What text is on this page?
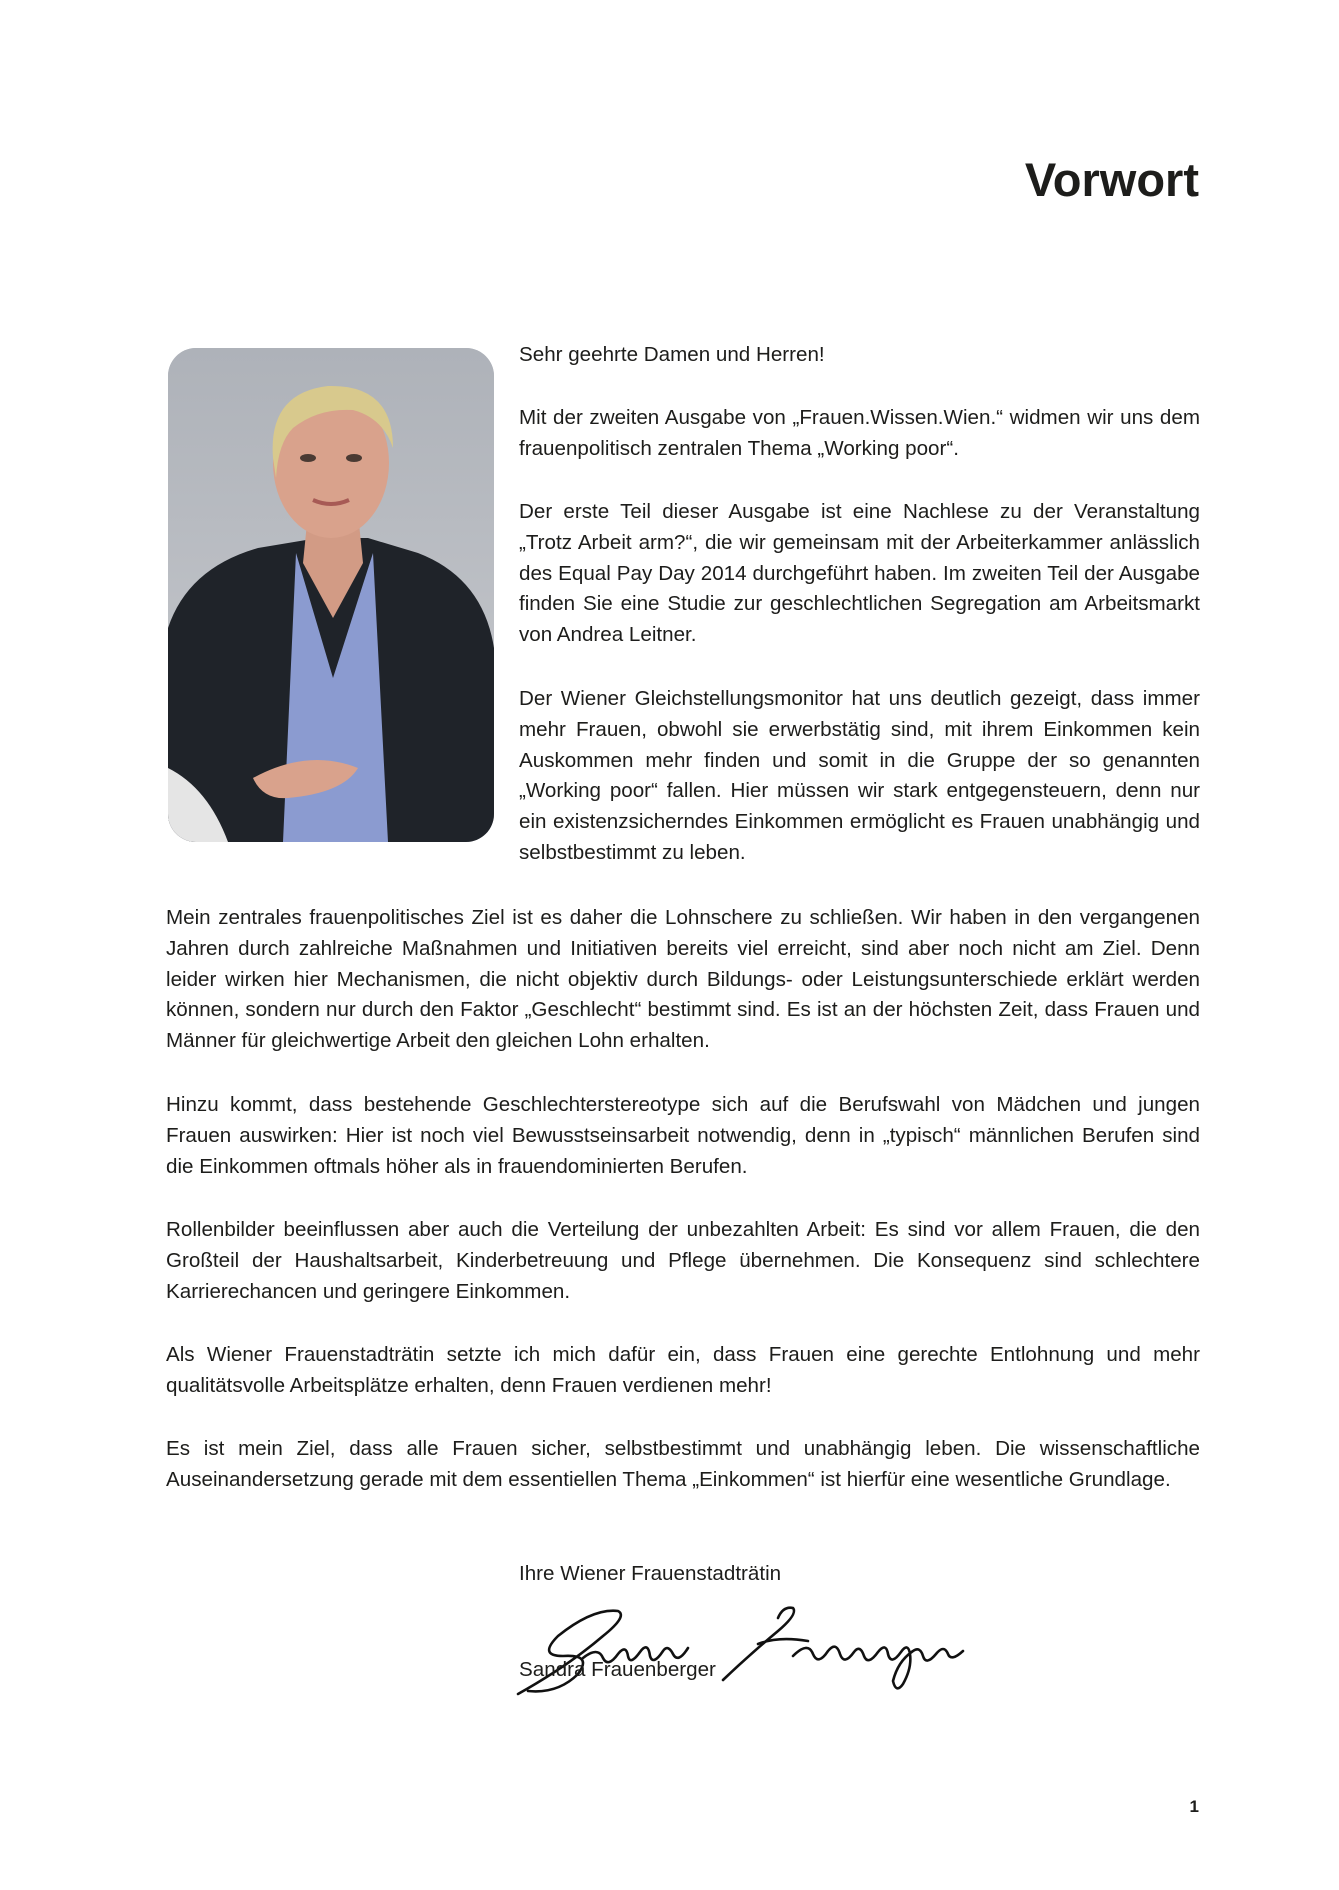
Vorwort

Sehr geehrte Damen und Herren!

Mit der zweiten Ausgabe von „Frauen.Wissen.Wien.“ widmen wir uns dem frauenpolitisch zentralen Thema „Working poor“.

Der erste Teil dieser Ausgabe ist eine Nachlese zu der Veranstaltung „Trotz Arbeit arm?“, die wir gemeinsam mit der Arbeiterkammer anlässlich des Equal Pay Day 2014 durchgeführt haben. Im zweiten Teil der Ausgabe finden Sie eine Studie zur geschlechtlichen Segregation am Arbeitsmarkt von Andrea Leitner.

Der Wiener Gleichstellungsmonitor hat uns deutlich gezeigt, dass immer mehr Frauen, obwohl sie erwerbstätig sind, mit ihrem Einkommen kein Auskommen mehr finden und somit in die Gruppe der so genannten „Working poor“ fallen. Hier müssen wir stark entgegensteuern, denn nur ein existenzsicherndes Einkommen ermöglicht es Frauen unabhängig und selbstbestimmt zu leben.

Mein zentrales frauenpolitisches Ziel ist es daher die Lohnschere zu schließen. Wir haben in den vergangenen Jahren durch zahlreiche Maßnahmen und Initiativen bereits viel erreicht, sind aber noch nicht am Ziel. Denn leider wirken hier Mechanismen, die nicht objektiv durch Bildungs- oder Leistungsunterschiede erklärt werden können, sondern nur durch den Faktor „Geschlecht“ bestimmt sind. Es ist an der höchsten Zeit, dass Frauen und Männer für gleichwertige Arbeit den gleichen Lohn erhalten.

Hinzu kommt, dass bestehende Geschlechterstereotype sich auf die Berufswahl von Mädchen und jungen Frauen auswirken: Hier ist noch viel Bewusstseinsarbeit notwendig, denn in „typisch“ männlichen Berufen sind die Einkommen oftmals höher als in frauendominierten Berufen.

Rollenbilder beeinflussen aber auch die Verteilung der unbezahlten Arbeit: Es sind vor allem Frauen, die den Großteil der Haushaltsarbeit, Kinderbetreuung und Pflege übernehmen. Die Konsequenz sind schlechtere Karrierechancen und geringere Einkommen.

Als Wiener Frauenstadträtin setzte ich mich dafür ein, dass Frauen eine gerechte Entlohnung und mehr qualitätsvolle Arbeitsplätze erhalten, denn Frauen verdienen mehr!

Es ist mein Ziel, dass alle Frauen sicher, selbstbestimmt und unabhängig leben. Die wissenschaftliche Auseinandersetzung gerade mit dem essentiellen Thema „Einkommen“ ist hierfür eine wesentliche Grundlage.

Ihre Wiener Frauenstadträtin

Sandra Frauenberger

1
